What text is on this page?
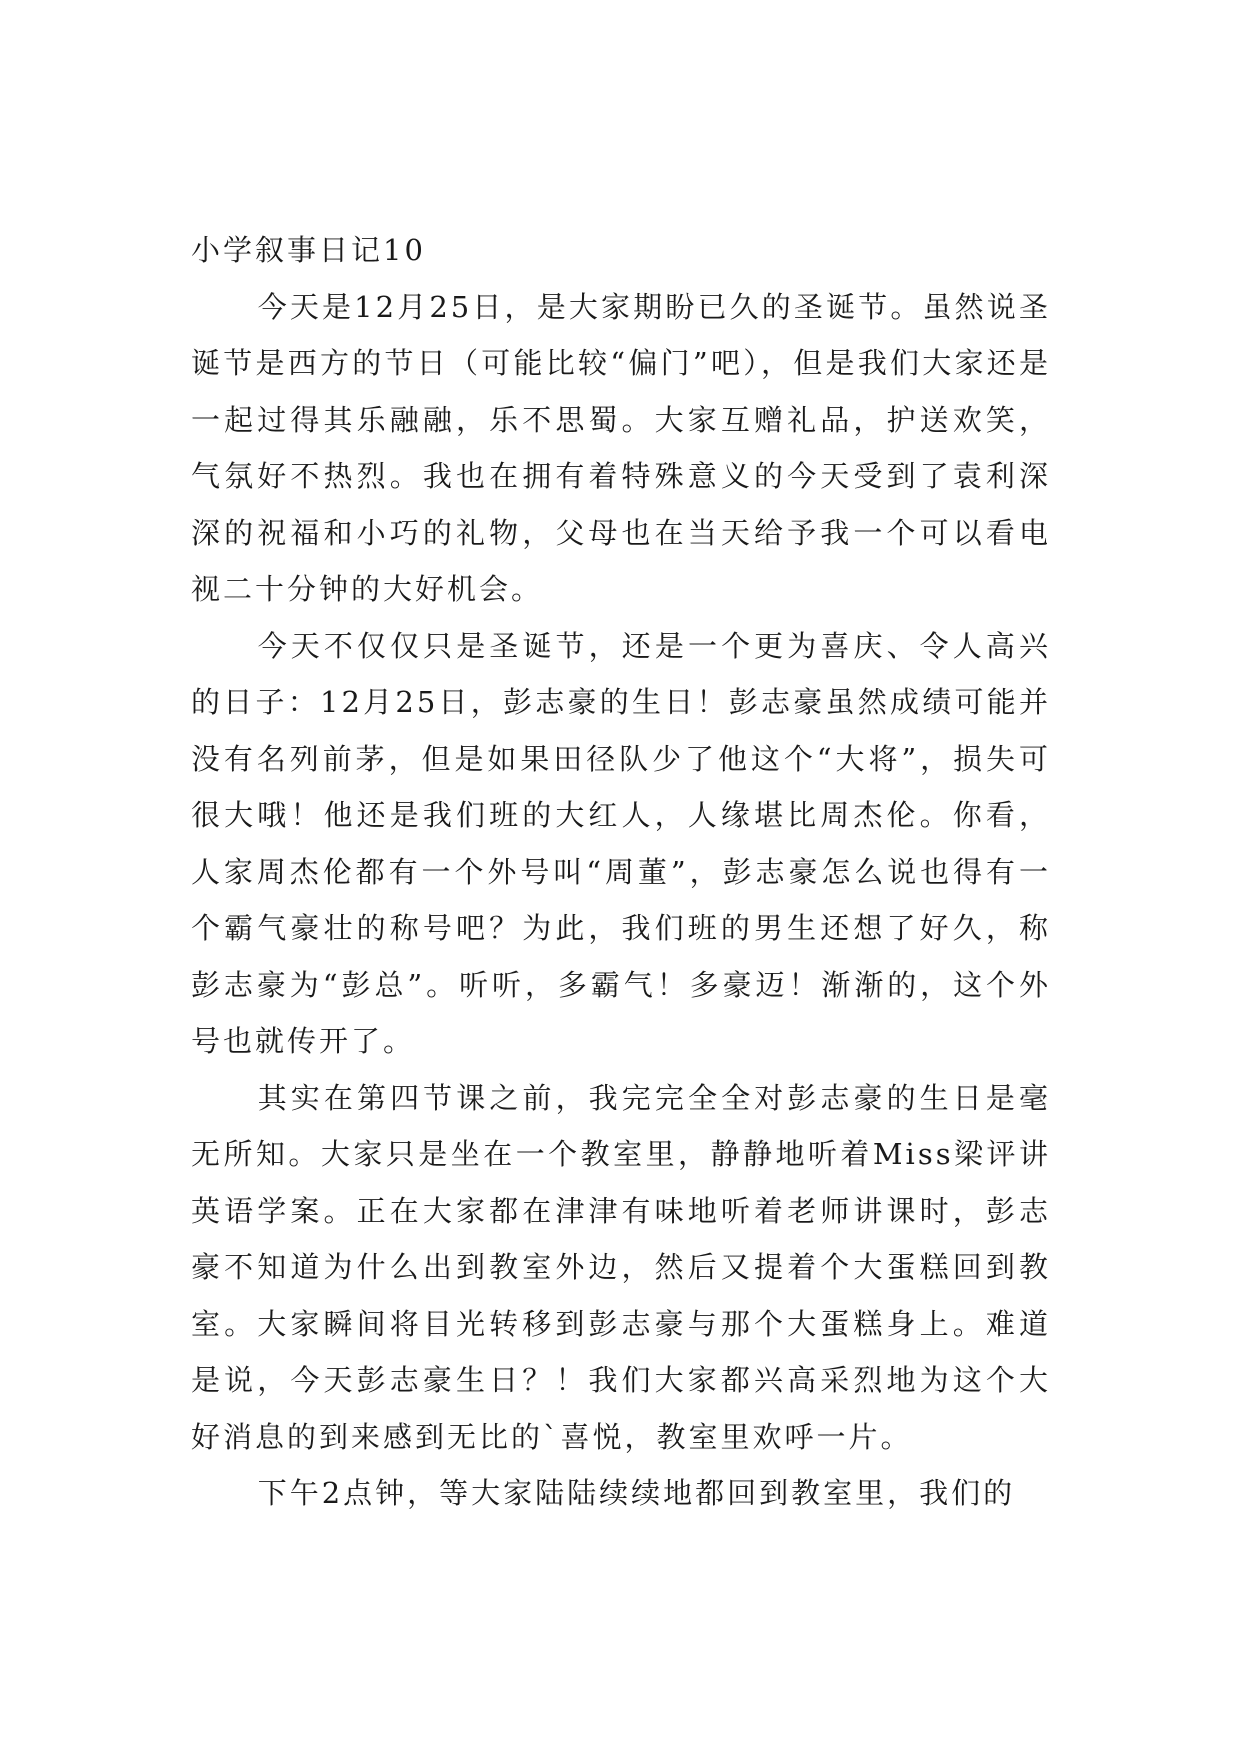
小学叙事日记10

今天是12月25日，是大家期盼已久的圣诞节。虽然说圣诞节是西方的节日（可能比较“偏门”吧），但是我们大家还是一起过得其乐融融，乐不思蜀。大家互赠礼品，护送欢笑，气氛好不热烈。我也在拥有着特殊意义的今天受到了袁利深深的祝福和小巧的礼物，父母也在当天给予我一个可以看电视二十分钟的大好机会。

今天不仅仅只是圣诞节，还是一个更为喜庆、令人高兴的日子：12月25日，彭志豪的生日！彭志豪虽然成绩可能并没有名列前茅，但是如果田径队少了他这个“大将”，损失可很大哦！他还是我们班的大红人，人缘堪比周杰伦。你看，人家周杰伦都有一个外号叫“周董”，彭志豪怎么说也得有一个霸气豪壮的称号吧？为此，我们班的男生还想了好久，称彭志豪为“彭总”。听听，多霸气！多豪迈！渐渐的，这个外号也就传开了。

其实在第四节课之前，我完完全全对彭志豪的生日是毫无所知。大家只是坐在一个教室里，静静地听着Miss梁评讲英语学案。正在大家都在津津有味地听着老师讲课时，彭志豪不知道为什么出到教室外边，然后又提着个大蛋糕回到教室。大家瞬间将目光转移到彭志豪与那个大蛋糕身上。难道是说，今天彭志豪生日？！我们大家都兴高采烈地为这个大好消息的到来感到无比的`喜悦，教室里欢呼一片。

下午2点钟，等大家陆陆续续地都回到教室里，我们的
